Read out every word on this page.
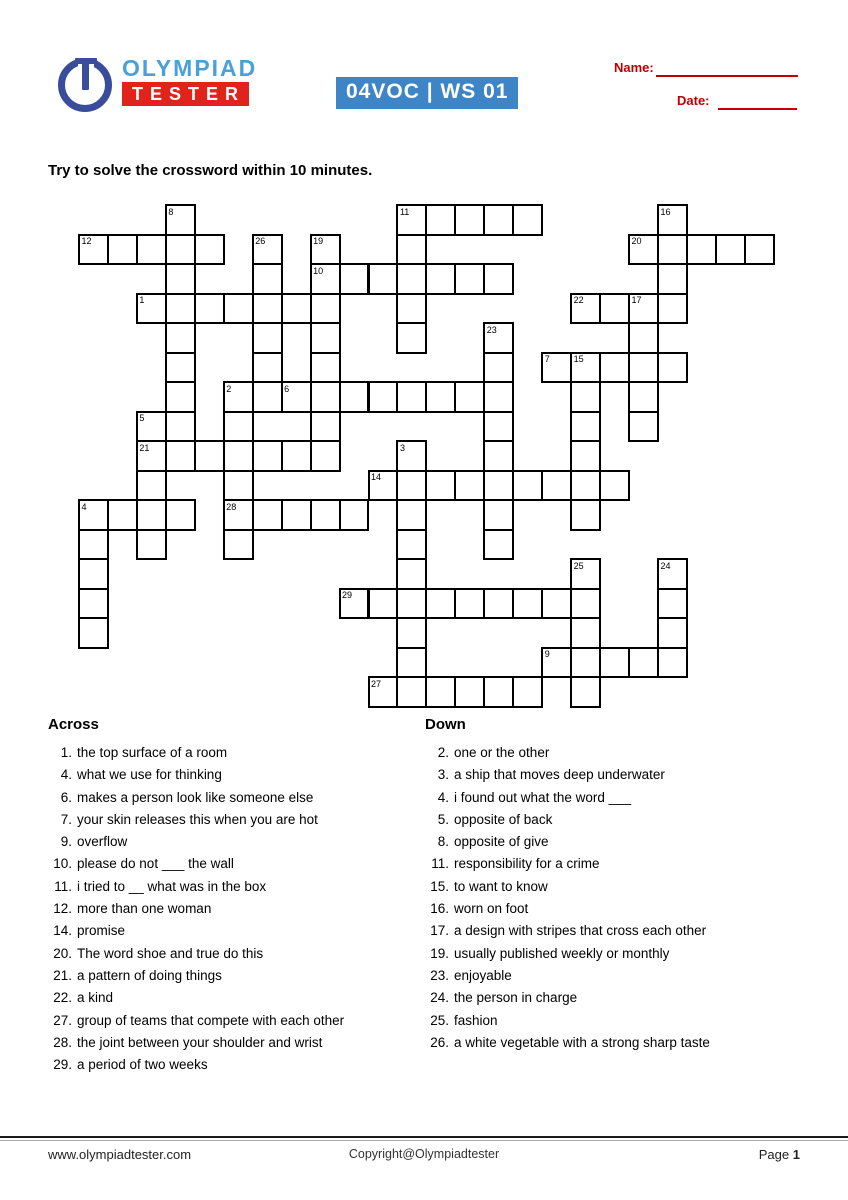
OLYMPIAD
TESTER	04VOC | WS 01
Name:
Date:
Try to solve the crossword within 10 minutes.
8	11	16
12	26	19	20
10
1	22	17
23
7	15
2	6
5
21	3
14
4	28
25	24
29
9
27
Across	Down
1. the top surface of a room
4. what we use for thinking
6. makes a person look like someone else
7. your skin releases this when you are hot
9. overflow
10. please do not ___ the wall
11. i tried to __ what was in the box
12. more than one woman
14. promise
20. The word shoe and true do this
21. a pattern of doing things
22. a kind
27. group of teams that compete with each other
28. the joint between your shoulder and wrist
29. a period of two weeks
2. one or the other
3. a ship that moves deep underwater
4. i found out what the word ___
5. opposite of back
8. opposite of give
11. responsibility for a crime
15. to want to know
16. worn on foot
17. a design with stripes that cross each other
19. usually published weekly or monthly
23. enjoyable
24. the person in charge
25. fashion
26. a white vegetable with a strong sharp taste
www.olympiadtester.com	Copyright@Olympiadtester	Page 1
